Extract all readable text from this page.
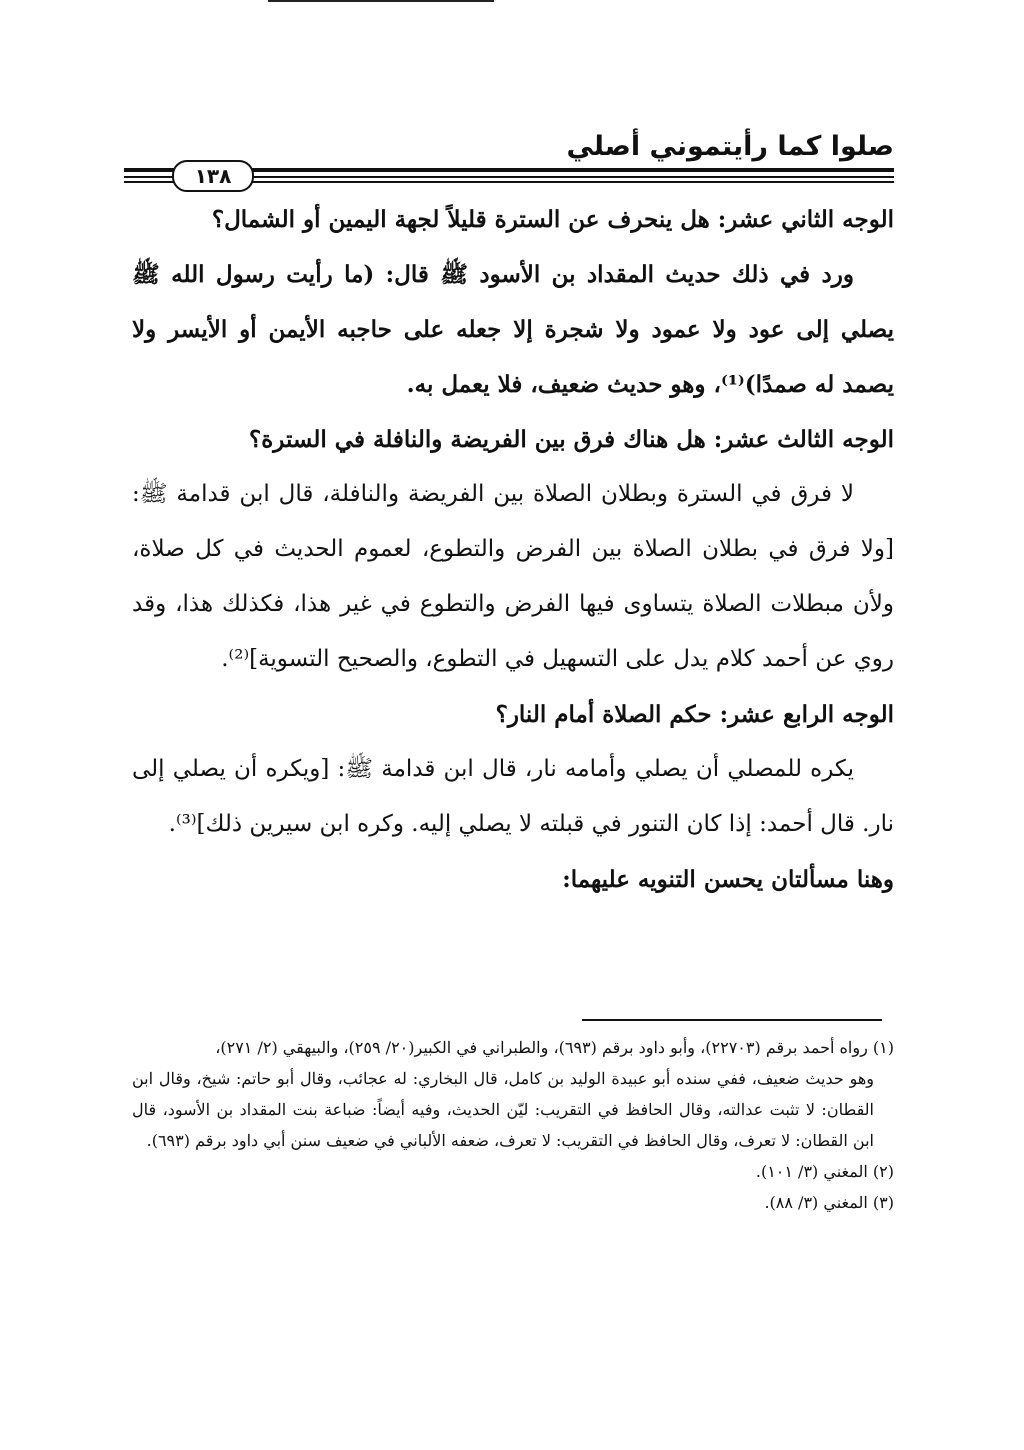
صلوا كما رأيتموني أصلي
١٣٨

الوجه الثاني عشر: هل ينحرف عن السترة قليلاً لجهة اليمين أو الشمال؟

ورد في ذلك حديث المقداد بن الأسود ﷺ قال: (ما رأيت رسول الله ﷺ يصلي إلى عود ولا عمود ولا شجرة إلا جعله على حاجبه الأيمن أو الأيسر ولا يصمد له صمدًا)⁽¹⁾، وهو حديث ضعيف، فلا يعمل به.

الوجه الثالث عشر: هل هناك فرق بين الفريضة والنافلة في السترة؟

لا فرق في السترة وبطلان الصلاة بين الفريضة والنافلة، قال ابن قدامة ﷺ: [ولا فرق في بطلان الصلاة بين الفرض والتطوع، لعموم الحديث في كل صلاة، ولأن مبطلات الصلاة يتساوى فيها الفرض والتطوع في غير هذا، فكذلك هذا، وقد روي عن أحمد كلام يدل على التسهيل في التطوع، والصحيح التسوية]⁽²⁾.

الوجه الرابع عشر: حكم الصلاة أمام النار؟

يكره للمصلي أن يصلي وأمامه نار، قال ابن قدامة ﷺ: [ويكره أن يصلي إلى نار. قال أحمد: إذا كان التنور في قبلته لا يصلي إليه. وكره ابن سيرين ذلك]⁽³⁾.

وهنا مسألتان يحسن التنويه عليهما:

(١) رواه أحمد برقم (٢٢٧٠٣)، وأبو داود برقم (٦٩٣)، والطبراني في الكبير(٢٠/ ٢٥٩)، والبيهقي (٢/ ٢٧١)،

وهو حديث ضعيف، ففي سنده أبو عبيدة الوليد بن كامل، قال البخاري: له عجائب، وقال أبو حاتم: شيخ، وقال ابن القطان: لا تثبت عدالته، وقال الحافظ في التقريب: ليّن الحديث، وفيه أيضاً: ضباعة بنت المقداد بن الأسود، قال ابن القطان: لا تعرف، وقال الحافظ في التقريب: لا تعرف، ضعفه الألباني في ضعيف سنن أبي داود برقم (٦٩٣).

(٢) المغني (٣/ ١٠١).

(٣) المغني (٣/ ٨٨).
